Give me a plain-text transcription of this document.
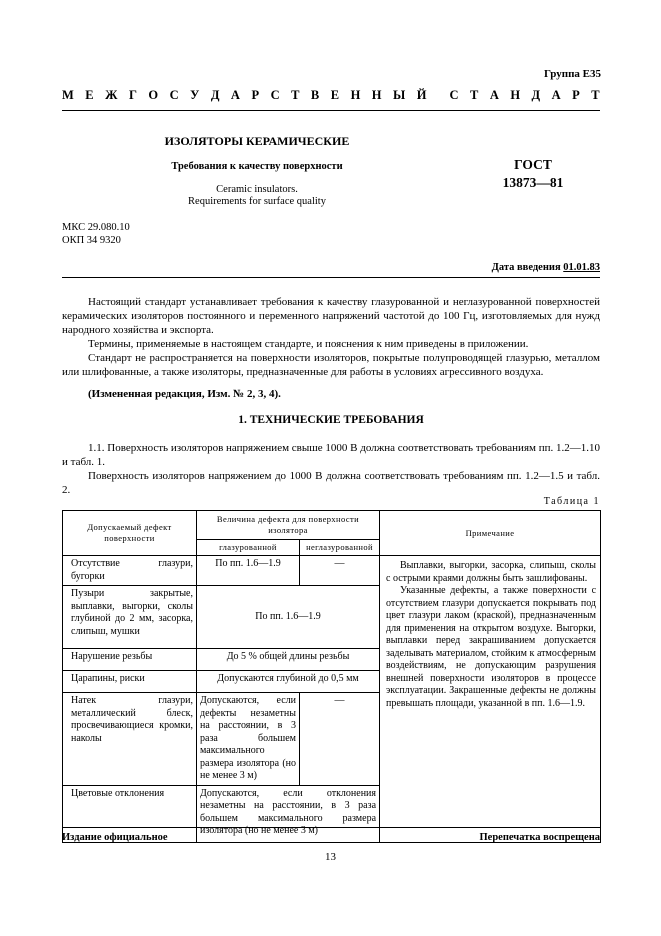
Группа Е35
М Е Ж Г О С У Д А Р С Т В Е Н Н Ы Й С Т А Н Д А Р Т
ИЗОЛЯТОРЫ КЕРАМИЧЕСКИЕ
Требования к качеству поверхности
Ceramic insulators.
Requirements for surface quality
ГОСТ
13873—81
МКС 29.080.10
ОКП 34 9320
Дата введения 01.01.83

Настоящий стандарт устанавливает требования к качеству глазурованной и неглазурованной поверхностей керамических изоляторов постоянного и переменного напряжений частотой до 100 Гц, изготовляемых для нужд народного хозяйства и экспорта.

Термины, применяемые в настоящем стандарте, и пояснения к ним приведены в приложении.

Стандарт не распространяется на поверхности изоляторов, покрытые полупроводящей глазурью, металлом или шлифованные, а также изоляторы, предназначенные для работы в условиях агрессивного воздуха.

(Измененная редакция, Изм. № 2, 3, 4).

1. ТЕХНИЧЕСКИЕ ТРЕБОВАНИЯ

1.1. Поверхность изоляторов напряжением свыше 1000 В должна соответствовать требованиям пп. 1.2—1.10 и табл. 1.

Поверхность изоляторов напряжением до 1000 В должна соответствовать требованиям пп. 1.2—1.5 и табл. 2.

Таблица 1
Допускаемый дефект поверхности	Величина дефекта для поверхности изолятора		Примечание
	глазурованной	неглазурованной	
Отсутствие глазури, бугорки	По пп. 1.6—1.9	—	Выплавки, выгорки, засорка, слипыш, сколы с острыми краями должны быть зашлифованы.

Указанные дефекты, а также поверхности с отсутствием глазури допускается покрывать под цвет глазури лаком (краской), предназначенным для применения на открытом воздухе. Выгорки, выплавки перед закрашиванием допускается заделывать материалом, стойким к атмосферным воздействиям, не допускающим разрушения внешней поверхности изоляторов в процессе эксплуатации. Закрашенные дефекты не должны превышать площади, указанной в пп. 1.6—1.9.

Пузыри закрытые, выплавки, выгорки, сколы глубиной до 2 мм, засорка, слипыш, мушки	По пп. 1.6—1.9		
Нарушение резьбы	До 5 % общей длины резьбы		
Царапины, риски	Допускаются глубиной до 0,5 мм		
Натек глазури, металлический блеск, просвечивающиеся кромки, наколы	Допускаются, если дефекты незаметны на расстоянии, в 3 раза большем максимального размера изолятора (но не менее 3 м)	—	
Цветовые отклонения	Допускаются, если отклонения незаметны на расстоянии, в 3 раза большем максимального размера изолятора (но не менее 3 м)		
Издание официальное	Перепечатка воспрещена
13
